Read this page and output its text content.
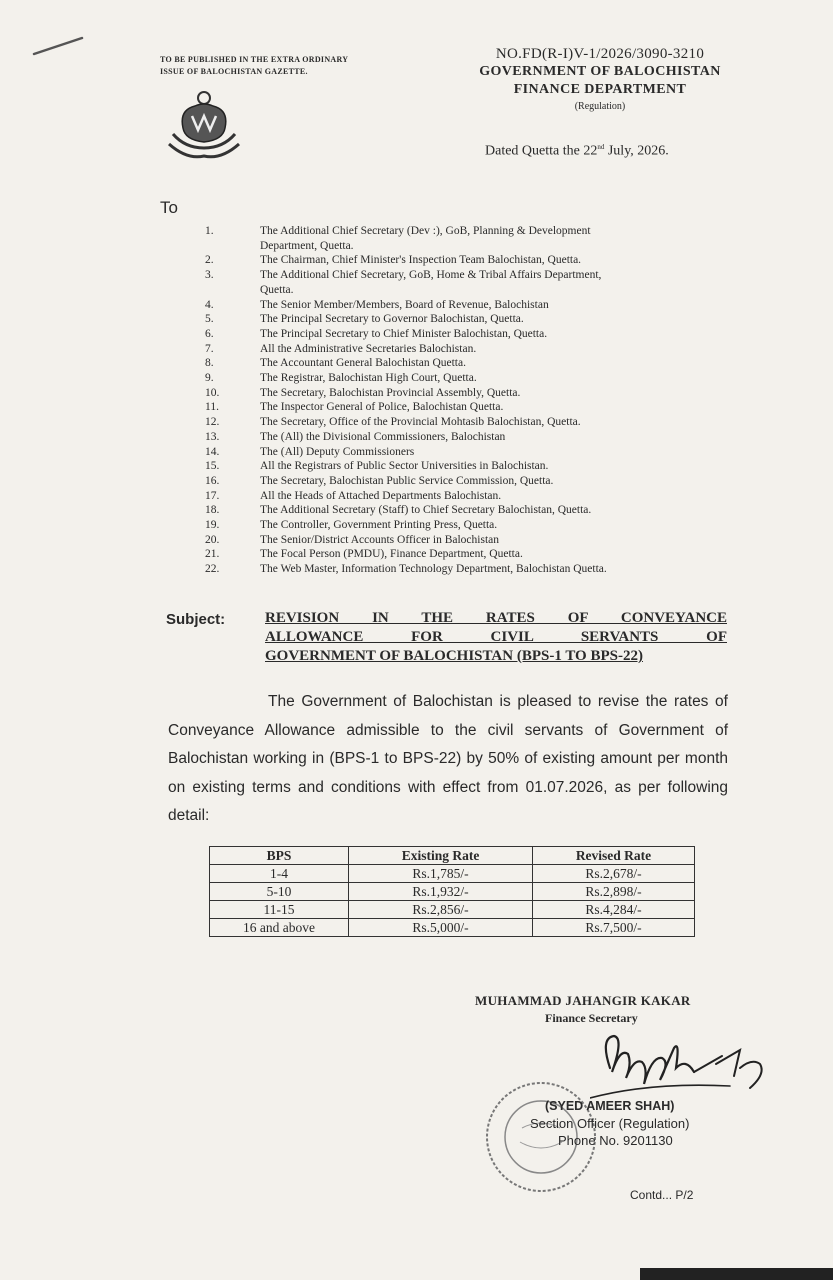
TO BE PUBLISHED IN THE EXTRA ORDINARY
ISSUE OF BALOCHISTAN GAZETTE.
NO.FD(R-I)V-1/2026/3090-3210
GOVERNMENT OF BALOCHISTAN
FINANCE DEPARTMENT
(Regulation)
Dated Quetta the 22nd July, 2026.
To
1.	The Additional Chief Secretary (Dev :), GoB, Planning & Development
Department, Quetta.
2.	The Chairman, Chief Minister's Inspection Team Balochistan, Quetta.
3.	The Additional Chief Secretary, GoB, Home & Tribal Affairs Department,
Quetta.
4.	The Senior Member/Members, Board of Revenue, Balochistan
5.	The Principal Secretary to Governor Balochistan, Quetta.
6.	The Principal Secretary to Chief Minister Balochistan, Quetta.
7.	All the Administrative Secretaries Balochistan.
8.	The Accountant General Balochistan Quetta.
9.	The Registrar, Balochistan High Court, Quetta.
10.	The Secretary, Balochistan Provincial Assembly, Quetta.
11.	The Inspector General of Police, Balochistan Quetta.
12.	The Secretary, Office of the Provincial Mohtasib Balochistan, Quetta.
13.	The (All) the Divisional Commissioners, Balochistan
14.	The (All) Deputy Commissioners
15.	All the Registrars of Public Sector Universities in Balochistan.
16.	The Secretary, Balochistan Public Service Commission, Quetta.
17.	All the Heads of Attached Departments Balochistan.
18.	The Additional Secretary (Staff) to Chief Secretary Balochistan, Quetta.
19.	The Controller, Government Printing Press, Quetta.
20.	The Senior/District Accounts Officer in Balochistan
21.	The Focal Person (PMDU), Finance Department, Quetta.
22.	The Web Master, Information Technology Department, Balochistan Quetta.
Subject:	REVISION IN THE RATES OF CONVEYANCE
ALLOWANCE FOR CIVIL SERVANTS OF
GOVERNMENT OF BALOCHISTAN (BPS-1 TO BPS-22)
The Government of Balochistan is pleased to revise the rates of Conveyance Allowance admissible to the civil servants of Government of Balochistan working in (BPS-1 to BPS-22) by 50% of existing amount per month on existing terms and conditions with effect from 01.07.2026, as per following detail:
BPS	Existing Rate	Revised Rate
1-4	Rs.1,785/-	Rs.2,678/-
5-10	Rs.1,932/-	Rs.2,898/-
11-15	Rs.2,856/-	Rs.4,284/-
16 and above	Rs.5,000/-	Rs.7,500/-
MUHAMMAD JAHANGIR KAKAR
Finance Secretary
(SYED AMEER SHAH)
Section Officer (Regulation)
Phone No. 9201130
Contd... P/2
